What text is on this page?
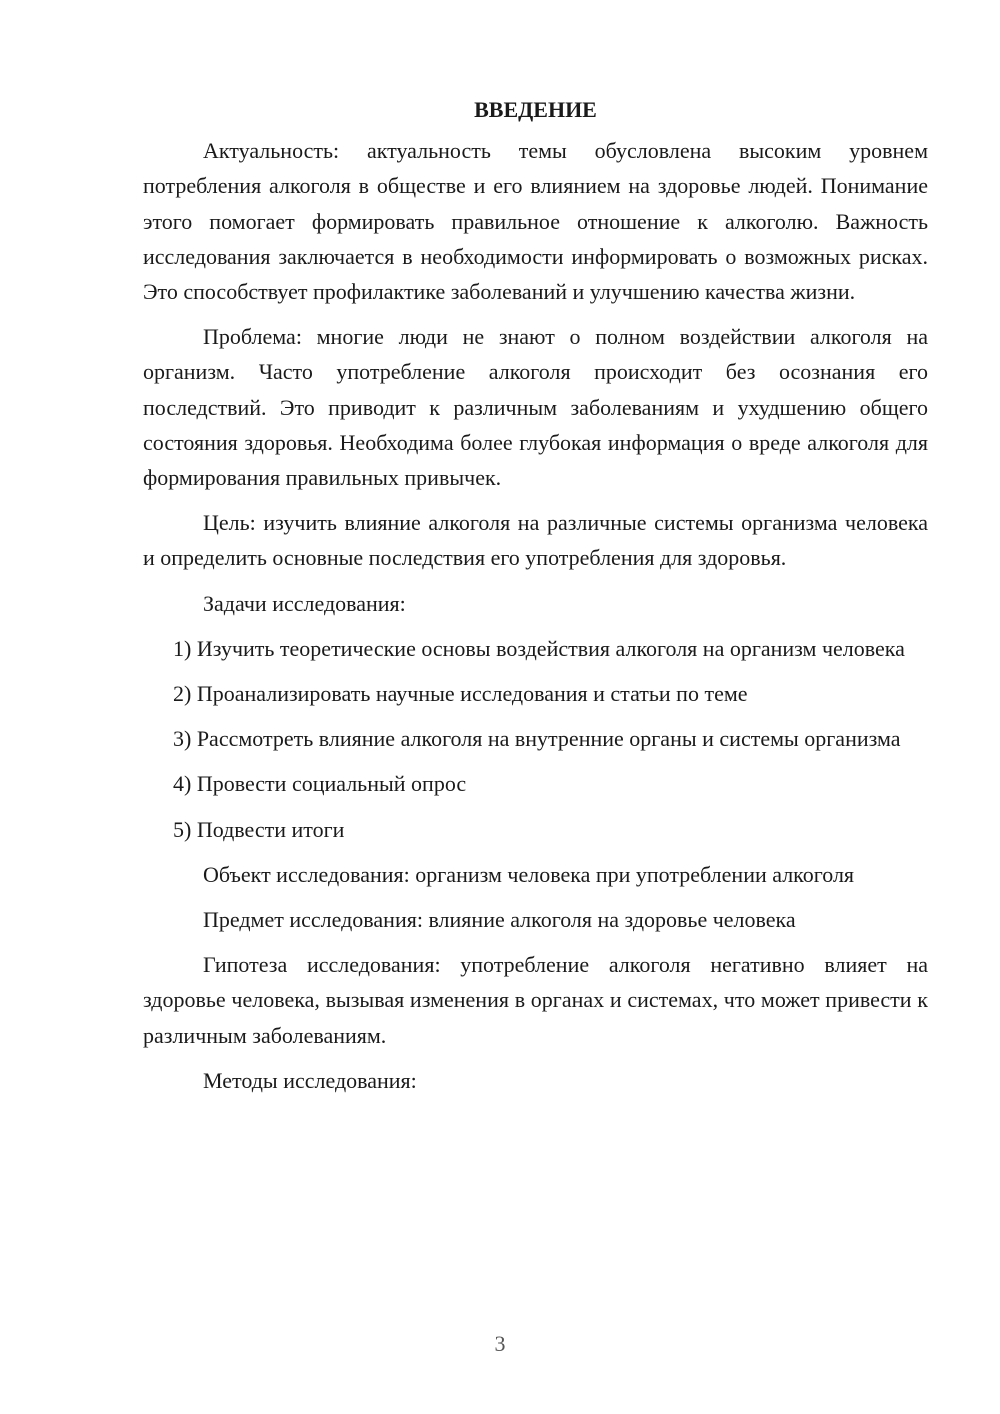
ВВЕДЕНИЕ

Актуальность: актуальность темы обусловлена высоким уровнем потребления алкоголя в обществе и его влиянием на здоровье людей. Понимание этого помогает формировать правильное отношение к алкоголю. Важность исследования заключается в необходимости информировать о возможных рисках. Это способствует профилактике заболеваний и улучшению качества жизни.

Проблема: многие люди не знают о полном воздействии алкоголя на организм. Часто употребление алкоголя происходит без осознания его последствий. Это приводит к различным заболеваниям и ухудшению общего состояния здоровья. Необходима более глубокая информация о вреде алкоголя для формирования правильных привычек.

Цель: изучить влияние алкоголя на различные системы организма человека и определить основные последствия его употребления для здоровья.

Задачи исследования:

1) Изучить теоретические основы воздействия алкоголя на организм человека

2) Проанализировать научные исследования и статьи по теме

3) Рассмотреть влияние алкоголя на внутренние органы и системы организма

4) Провести социальный опрос

5) Подвести итоги

Объект исследования: организм человека при употреблении алкоголя

Предмет исследования: влияние алкоголя на здоровье человека

Гипотеза исследования: употребление алкоголя негативно влияет на здоровье человека, вызывая изменения в органах и системах, что может привести к различным заболеваниям.

Методы исследования:

3
